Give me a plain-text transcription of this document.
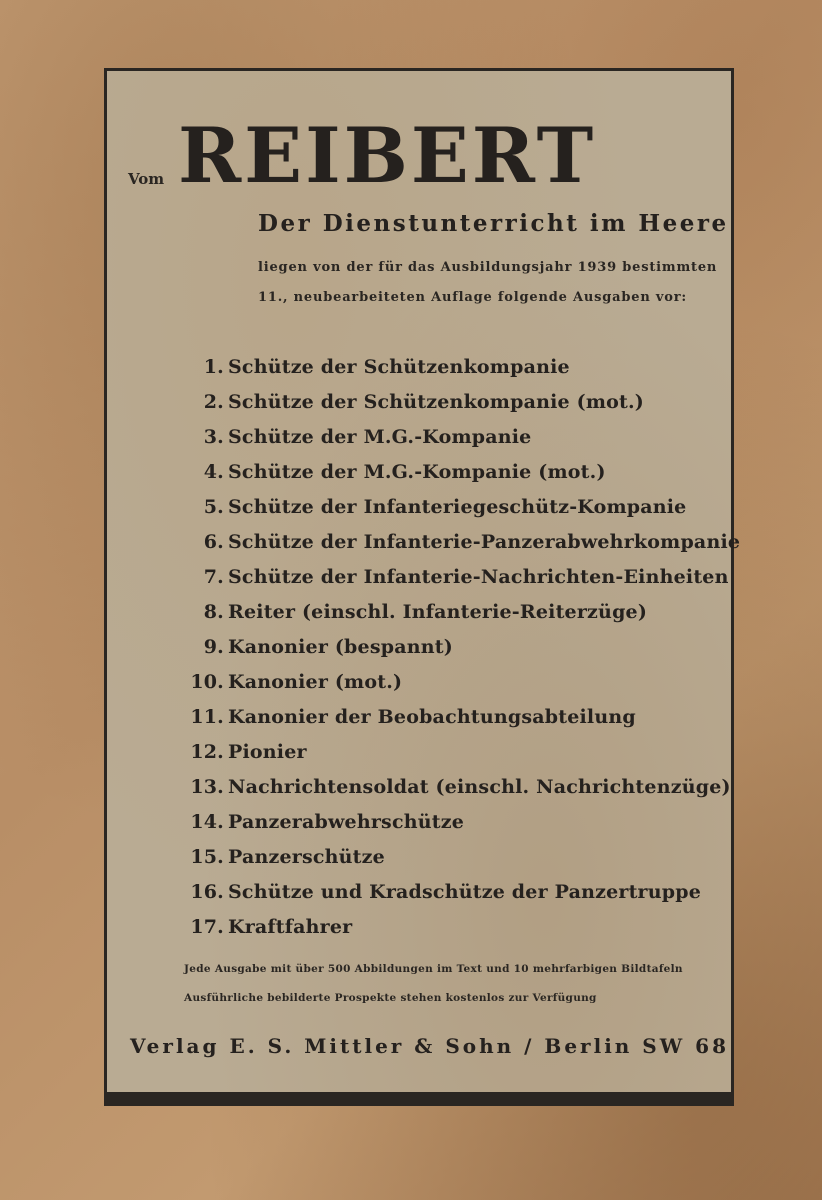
Vom REIBERT
Der Dienstunterricht im Heere
liegen von der für das Ausbildungsjahr 1939 bestimmten
11., neubearbeiteten Auflage folgende Ausgaben vor:
1. Schütze der Schützenkompanie
2. Schütze der Schützenkompanie (mot.)
3. Schütze der M.G.-Kompanie
4. Schütze der M.G.-Kompanie (mot.)
5. Schütze der Infanteriegeschütz-Kompanie
6. Schütze der Infanterie-Panzerabwehrkompanie
7. Schütze der Infanterie-Nachrichten-Einheiten
8. Reiter (einschl. Infanterie-Reiterzüge)
9. Kanonier (bespannt)
10. Kanonier (mot.)
11. Kanonier der Beobachtungsabteilung
12. Pionier
13. Nachrichtensoldat (einschl. Nachrichtenzüge)
14. Panzerabwehrschütze
15. Panzerschütze
16. Schütze und Kradschütze der Panzertruppe
17. Kraftfahrer
Jede Ausgabe mit über 500 Abbildungen im Text und 10 mehrfarbigen Bildtafeln
Ausführliche bebilderte Prospekte stehen kostenlos zur Verfügung
Verlag E. S. Mittler & Sohn / Berlin SW 68
